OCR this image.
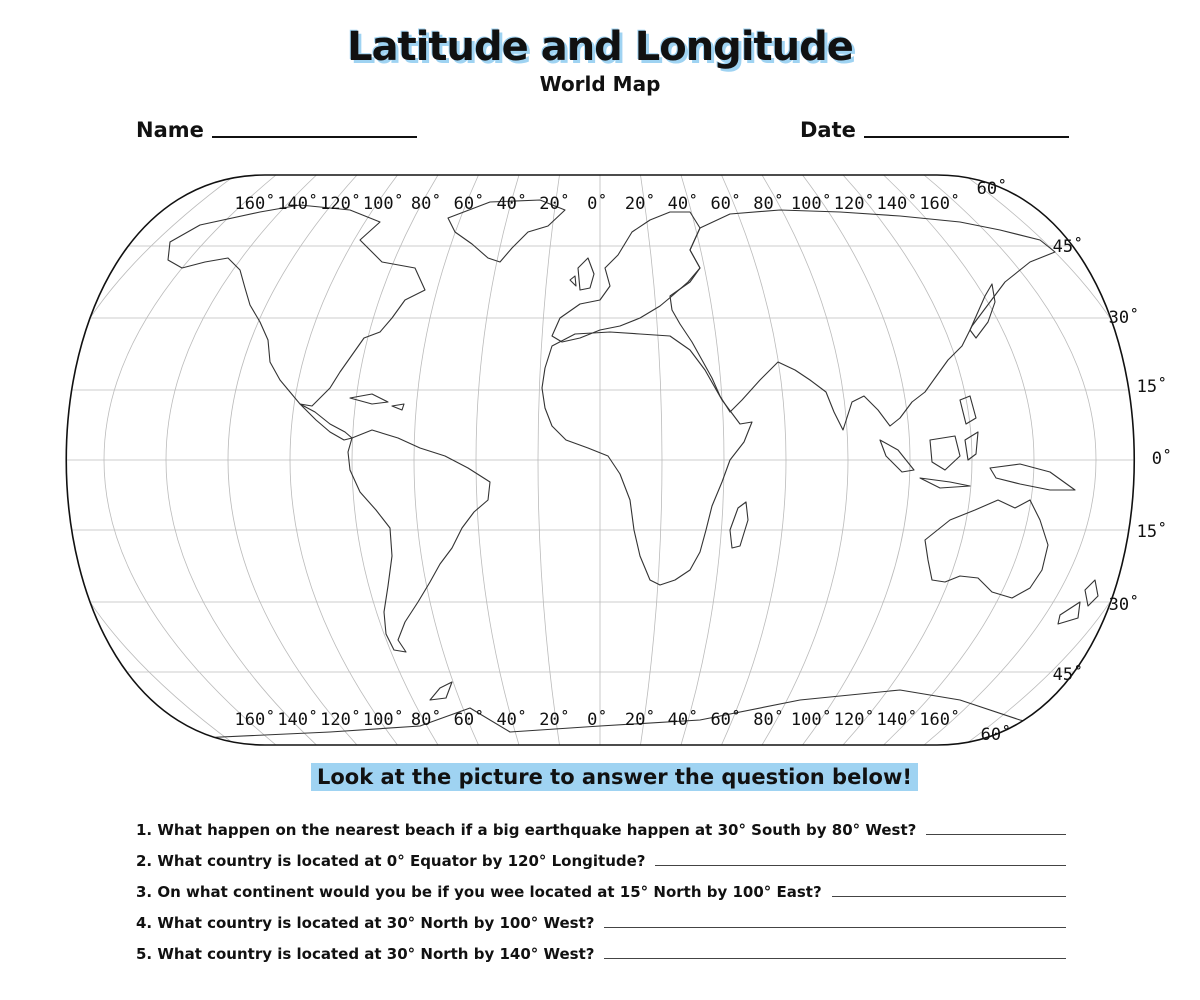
Latitude and Longitude
World Map
Name	Date
160˚ 140˚ 120˚ 100˚ 80˚ 60˚ 40˚ 20˚ 0˚ 20˚ 40˚ 60˚ 80˚ 100˚ 120˚ 140˚ 160˚
160˚ 140˚ 120˚ 100˚ 80˚ 60˚ 40˚ 20˚ 0˚ 20˚ 40˚ 60˚ 80˚ 100˚ 120˚ 140˚ 160˚
60˚
45˚
30˚
15˚
0˚
15˚
30˚
45˚
60˚
Look at the picture to answer the question below!
1. What happen on the nearest beach if a big earthquake happen at 30° South by 80° West?
2. What country is located at 0° Equator by 120° Longitude?
3. On what continent would you be if you wee located at 15° North by 100° East?
4. What country is located at 30° North by 100° West?
5. What country is located at 30° North by 140° West?
